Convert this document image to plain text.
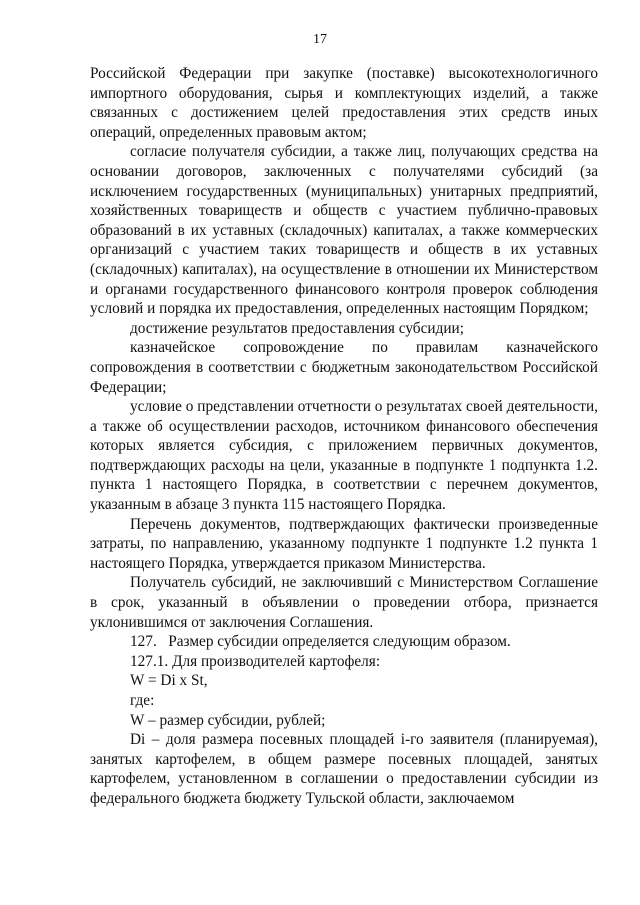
17

Российской Федерации при закупке (поставке) высокотехнологичного импортного оборудования, сырья и комплектующих изделий, а также связанных с достижением целей предоставления этих средств иных операций, определенных правовым актом;

согласие получателя субсидии, а также лиц, получающих средства на основании договоров, заключенных с получателями субсидий (за исключением государственных (муниципальных) унитарных предприятий, хозяйственных товариществ и обществ с участием публично-правовых образований в их уставных (складочных) капиталах, а также коммерческих организаций с участием таких товариществ и обществ в их уставных (складочных) капиталах), на осуществление в отношении их Министерством и органами государственного финансового контроля проверок соблюдения условий и порядка их предоставления, определенных настоящим Порядком;

достижение результатов предоставления субсидии;

казначейское сопровождение по правилам казначейского сопровождения в соответствии с бюджетным законодательством Российской Федерации;

условие о представлении отчетности о результатах своей деятельности, а также об осуществлении расходов, источником финансового обеспечения которых является субсидия, с приложением первичных документов, подтверждающих расходы на цели, указанные в подпункте 1 подпункта 1.2. пункта 1 настоящего Порядка, в соответствии с перечнем документов, указанным в абзаце 3 пункта 115 настоящего Порядка.

Перечень документов, подтверждающих фактически произведенные затраты, по направлению, указанному подпункте 1 подпункте 1.2 пункта 1 настоящего Порядка, утверждается приказом Министерства.

Получатель субсидий, не заключивший с Министерством Соглашение в срок, указанный в объявлении о проведении отбора, признается уклонившимся от заключения Соглашения.

127.   Размер субсидии определяется следующим образом.

127.1. Для производителей картофеля:

W = Di x St,

где:

W – размер субсидии, рублей;

Di – доля размера посевных площадей i-го заявителя (планируемая), занятых картофелем, в общем размере посевных площадей, занятых картофелем, установленном в соглашении о предоставлении субсидии из федерального бюджета бюджету Тульской области, заключаемом
